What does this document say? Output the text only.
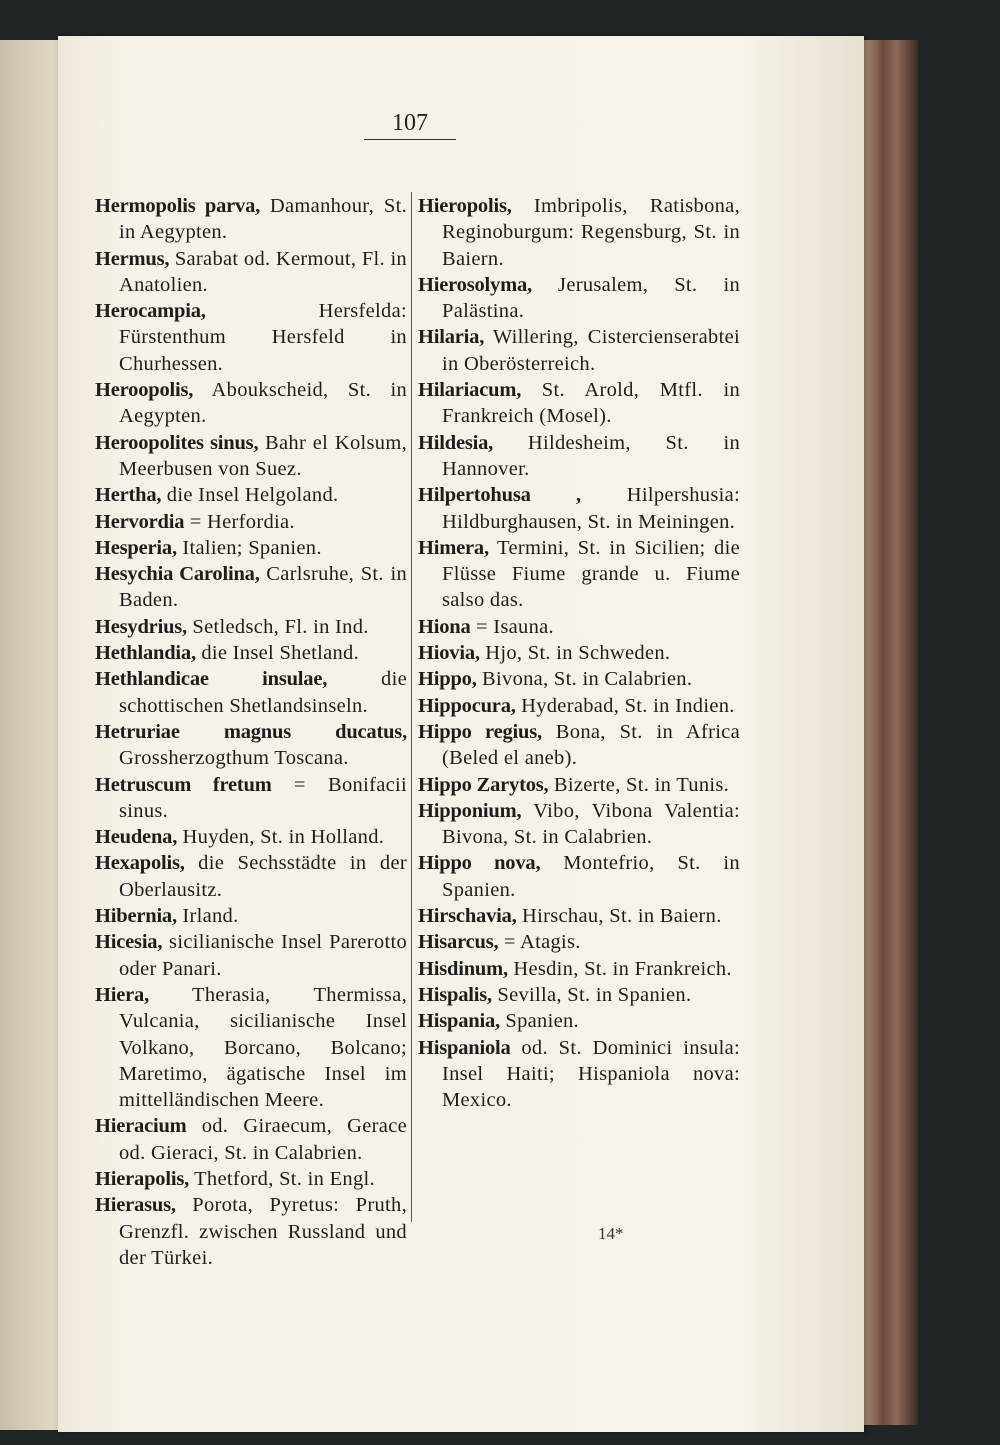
107

Hermopolis parva, Damanhour, St. in Aegypten.

Hermus, Sarabat od. Kermout, Fl. in Anatolien.

Herocampia, Hersfelda: Fürstenthum Hersfeld in Churhessen.

Heroopolis, Aboukscheid, St. in Aegypten.

Heroopolites sinus, Bahr el Kolsum, Meerbusen von Suez.

Hertha, die Insel Helgoland.

Hervordia = Herfordia.

Hesperia, Italien; Spanien.

Hesychia Carolina, Carlsruhe, St. in Baden.

Hesydrius, Setledsch, Fl. in Ind.

Hethlandia, die Insel Shetland.

Hethlandicae insulae, die schottischen Shetlandsinseln.

Hetruriae magnus ducatus, Grossherzogthum Toscana.

Hetruscum fretum = Bonifacii sinus.

Heudena, Huyden, St. in Holland.

Hexapolis, die Sechsstädte in der Oberlausitz.

Hibernia, Irland.

Hicesia, sicilianische Insel Parerotto oder Panari.

Hiera, Therasia, Thermissa, Vulcania, sicilianische Insel Volkano, Borcano, Bolcano; Maretimo, ägatische Insel im mittelländischen Meere.

Hieracium od. Giraecum, Gerace od. Gieraci, St. in Calabrien.

Hierapolis, Thetford, St. in Engl.

Hierasus, Porota, Pyretus: Pruth, Grenzfl. zwischen Russland und der Türkei.

Hieropolis, Imbripolis, Ratisbona, Reginoburgum: Regensburg, St. in Baiern.

Hierosolyma, Jerusalem, St. in Palästina.

Hilaria, Willering, Cistercienserabtei in Oberösterreich.

Hilariacum, St. Arold, Mtfl. in Frankreich (Mosel).

Hildesia, Hildesheim, St. in Hannover.

Hilpertohusa , Hilpershusia: Hildburghausen, St. in Meiningen.

Himera, Termini, St. in Sicilien; die Flüsse Fiume grande u. Fiume salso das.

Hiona = Isauna.

Hiovia, Hjo, St. in Schweden.

Hippo, Bivona, St. in Calabrien.

Hippocura, Hyderabad, St. in Indien.

Hippo regius, Bona, St. in Africa (Beled el aneb).

Hippo Zarytos, Bizerte, St. in Tunis.

Hipponium, Vibo, Vibona Valentia: Bivona, St. in Calabrien.

Hippo nova, Montefrio, St. in Spanien.

Hirschavia, Hirschau, St. in Baiern.

Hisarcus, = Atagis.

Hisdinum, Hesdin, St. in Frankreich.

Hispalis, Sevilla, St. in Spanien.

Hispania, Spanien.

Hispaniola od. St. Dominici insula: Insel Haiti; Hispaniola nova: Mexico.

14*
